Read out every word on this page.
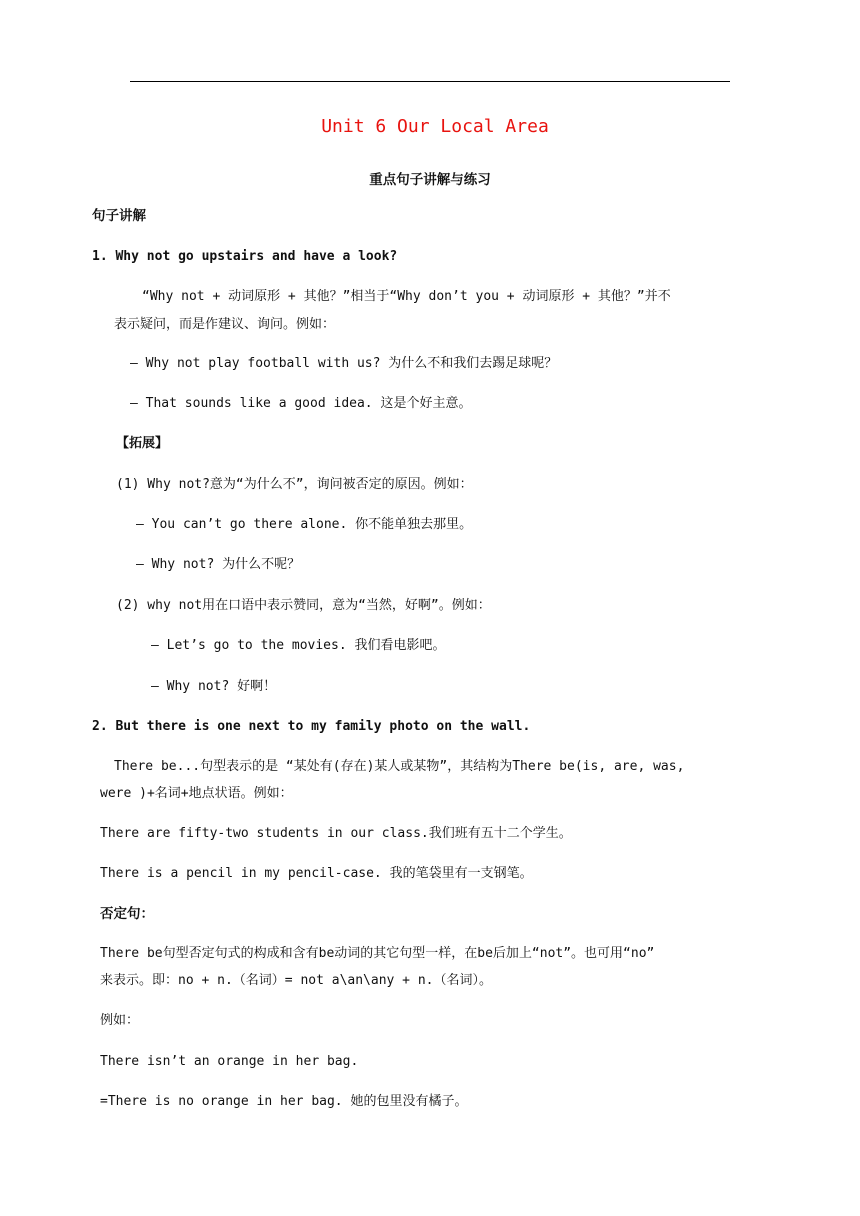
Unit 6 Our Local Area
重点句子讲解与练习
句子讲解
1. Why not go upstairs and have a look?
“Why not + 动词原形 + 其他？”相当于“Why don’t you + 动词原形 + 其他？”并不
表示疑问，而是作建议、询问。例如：
— Why not play football with us? 为什么不和我们去踢足球呢？
— That sounds like a good idea. 这是个好主意。
【拓展】
(1) Why not?意为“为什么不”，询问被否定的原因。例如：
— You can’t go there alone. 你不能单独去那里。
— Why not? 为什么不呢？
(2) why not用在口语中表示赞同，意为“当然，好啊”。例如：
— Let’s go to the movies. 我们看电影吧。
— Why not? 好啊！
2. But there is one next to my family photo on the wall.
There be...句型表示的是 “某处有(存在)某人或某物”，其结构为There be(is, are, was,
were )+名词+地点状语。例如：
There are fifty-two students in our class.我们班有五十二个学生。
There is a pencil in my pencil-case. 我的笔袋里有一支钢笔。
否定句：
There be句型否定句式的构成和含有be动词的其它句型一样，在be后加上“not”。也可用“no”
来表示。即：no + n.（名词）= not a\an\any + n.（名词）。
例如：
There isn’t an orange in her bag.
=There is no orange in her bag. 她的包里没有橘子。
